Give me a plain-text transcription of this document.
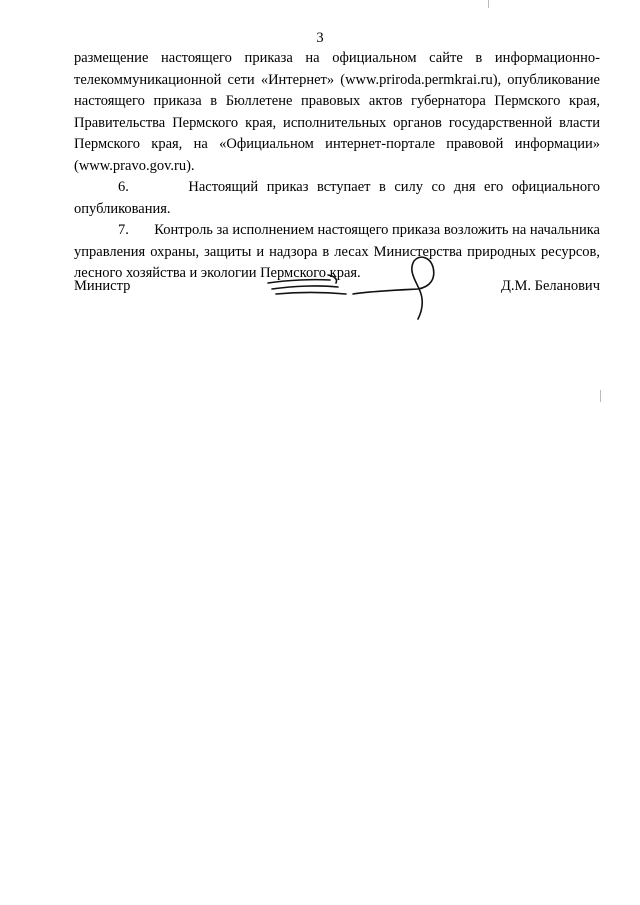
3

размещение настоящего приказа на официальном сайте в информационно-телекоммуникационной сети «Интернет» (www.priroda.permkrai.ru), опубликование настоящего приказа в Бюллетене правовых актов губернатора Пермского края, Правительства Пермского края, исполнительных органов государственной власти Пермского края, на «Официальном интернет-портале правовой информации» (www.pravo.gov.ru).

6.       Настоящий приказ вступает в силу со дня его официального опубликования.

7.       Контроль за исполнением настоящего приказа возложить на начальника управления охраны, защиты и надзора в лесах Министерства природных ресурсов, лесного хозяйства и экологии Пермского края.

Министр	Д.М. Беланович
